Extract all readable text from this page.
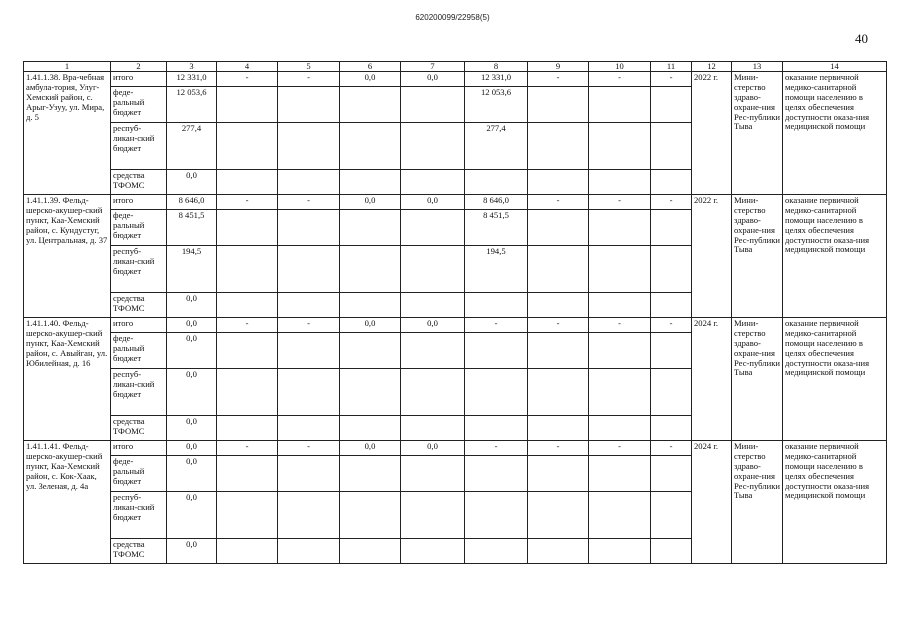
620200099/22958(5)
40
1	2	3	4	5	6	7	8	9	10	11	12	13	14
1.41.1.38. Вра-чебная амбула-тория, Улуг-Хемский район, с. Арыг-Узуу, ул. Мира, д. 5	итого	12 331,0	-	-	0,0	0,0	12 331,0	-	-	-	2022 г.	Мини-стерство здраво-охране-ния Рес-публики Тыва	оказание первичной медико-санитарной помощи населению в целях обеспечения доступности оказа-ния медицинской помощи
	феде-ральный бюджет	12 053,6					12 053,6						
	респуб-ликан-ский бюджет	277,4					277,4						
	средства ТФОМС	0,0											
1.41.1.39. Фельд-шерско-акушер-ский пункт, Каа-Хемский район, с. Кундустуг, ул. Центральная, д. 37	итого	8 646,0	-	-	0,0	0,0	8 646,0	-	-	-	2022 г.	Мини-стерство здраво-охране-ния Рес-публики Тыва	оказание первичной медико-санитарной помощи населению в целях обеспечения доступности оказа-ния медицинской помощи
	феде-ральный бюджет	8 451,5					8 451,5						
	респуб-ликан-ский бюджет	194,5					194,5						
	средства ТФОМС	0,0											
1.41.1.40. Фельд-шерско-акушер-ский пункт, Каа-Хемский район, с. Авыйган, ул. Юбилейная, д. 16	итого	0,0	-	-	0,0	0,0	-	-	-	-	2024 г.	Мини-стерство здраво-охране-ния Рес-публики Тыва	оказание первичной медико-санитарной помощи населению в целях обеспечения доступности оказа-ния медицинской помощи
	феде-ральный бюджет	0,0											
	респуб-ликан-ский бюджет	0,0											
	средства ТФОМС	0,0											
1.41.1.41. Фельд-шерско-акушер-ский пункт, Каа-Хемский район, с. Кок-Хаак, ул. Зеленая, д. 4а	итого	0,0	-	-	0,0	0,0	-	-	-	-	2024 г.	Мини-стерство здраво-охране-ния Рес-публики Тыва	оказание первичной медико-санитарной помощи населению в целях обеспечения доступности оказа-ния медицинской помощи
	феде-ральный бюджет	0,0											
	респуб-ликан-ский бюджет	0,0											
	средства ТФОМС	0,0											
